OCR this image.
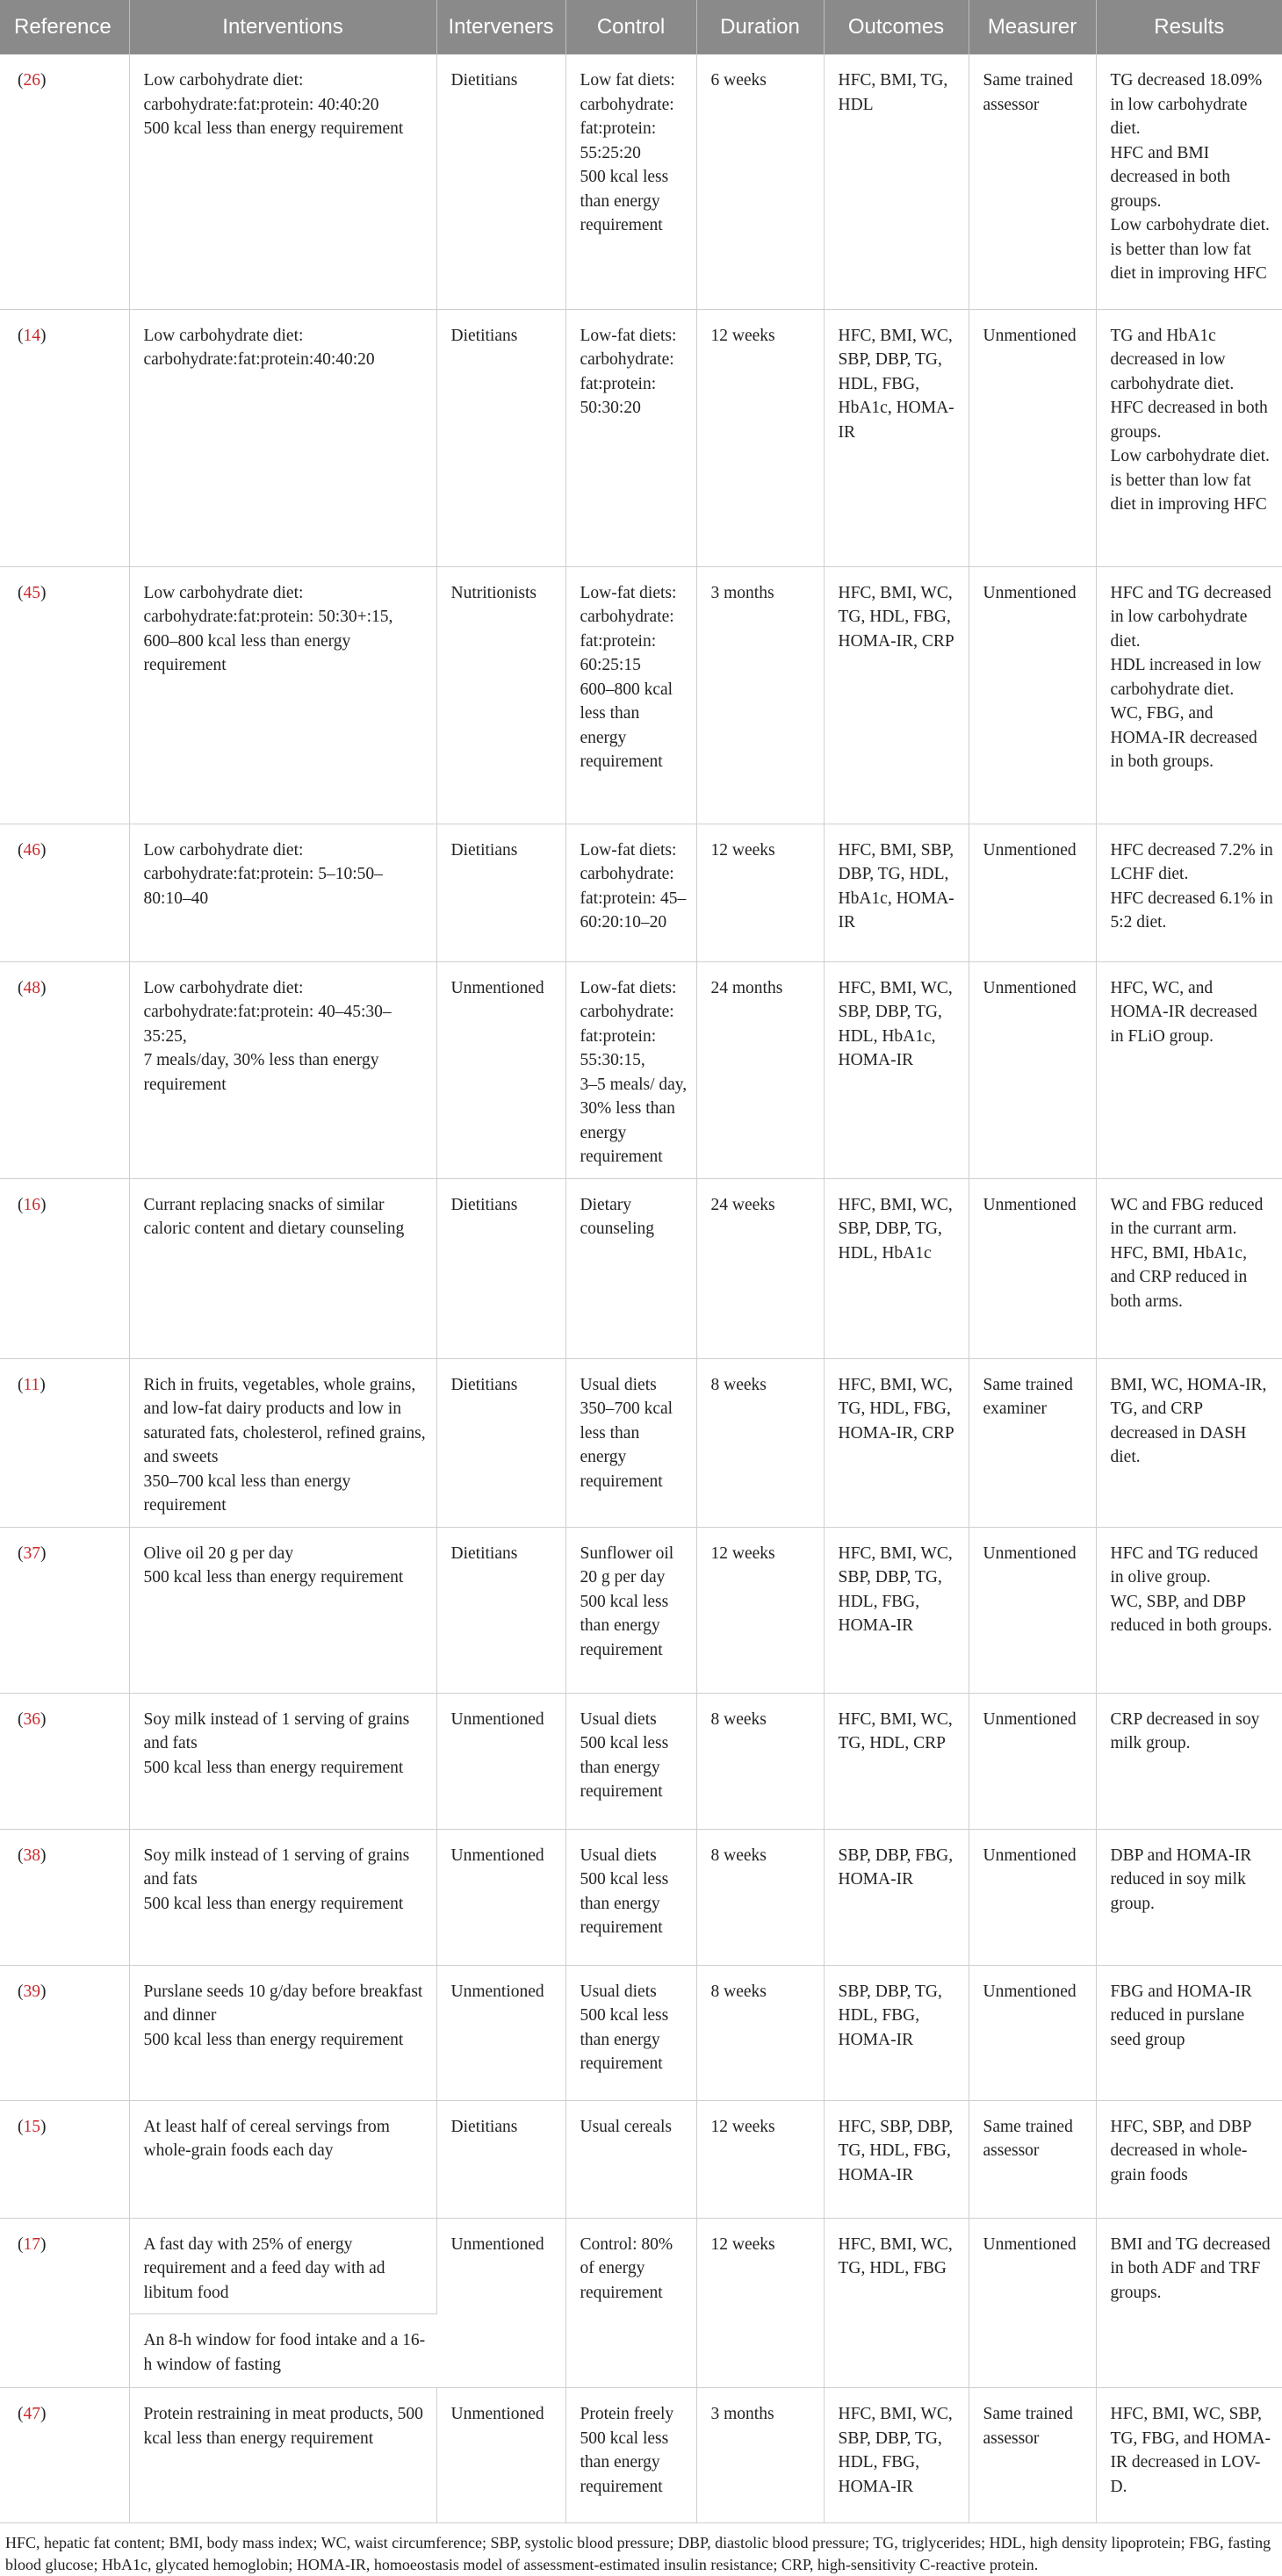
Reference	Interventions	Interveners	Control	Duration	Outcomes	Measurer	Results
(26)	Low carbohydrate diet: carbohydrate:fat:protein: 40:40:20
500 kcal less than energy requirement	Dietitians	Low fat diets: carbohydrate: fat:protein: 55:25:20
500 kcal less than energy requirement	6 weeks	HFC, BMI, TG, HDL	Same trained assessor	TG decreased 18.09% in low carbohydrate diet.
HFC and BMI decreased in both groups.
Low carbohydrate diet. is better than low fat diet in improving HFC

(14)	Low carbohydrate diet: carbohydrate:fat:protein:40:40:20	Dietitians	Low-fat diets: carbohydrate: fat:protein: 50:30:20	12 weeks	HFC, BMI, WC, SBP, DBP, TG, HDL, FBG, HbA1c, HOMA-IR	Unmentioned	TG and HbA1c decreased in low carbohydrate diet.
HFC decreased in both groups.
Low carbohydrate diet. is better than low fat diet in improving HFC

(45)	Low carbohydrate diet: carbohydrate:fat:protein: 50:30+:15, 600–800 kcal less than energy requirement	Nutritionists	Low-fat diets: carbohydrate: fat:protein: 60:25:15
600–800 kcal less than energy requirement	3 months	HFC, BMI, WC, TG, HDL, FBG, HOMA-IR, CRP	Unmentioned	HFC and TG decreased in low carbohydrate diet.
HDL increased in low carbohydrate diet.
WC, FBG, and HOMA-IR decreased in both groups.

(46)	Low carbohydrate diet: carbohydrate:fat:protein: 5–10:50–80:10–40	Dietitians	Low-fat diets: carbohydrate: fat:protein: 45–60:20:10–20	12 weeks	HFC, BMI, SBP, DBP, TG, HDL, HbA1c, HOMA-IR	Unmentioned	HFC decreased 7.2% in LCHF diet.
HFC decreased 6.1% in 5:2 diet.

(48)	Low carbohydrate diet: carbohydrate:fat:protein: 40–45:30–35:25,
7 meals/day, 30% less than energy requirement	Unmentioned	Low-fat diets: carbohydrate: fat:protein: 55:30:15,
3–5 meals/ day, 30% less than energy requirement	24 months	HFC, BMI, WC, SBP, DBP, TG, HDL, HbA1c, HOMA-IR	Unmentioned	HFC, WC, and HOMA-IR decreased in FLiO group.

(16)	Currant replacing snacks of similar caloric content and dietary counseling	Dietitians	Dietary counseling	24 weeks	HFC, BMI, WC, SBP, DBP, TG, HDL, HbA1c	Unmentioned	WC and FBG reduced in the currant arm.
HFC, BMI, HbA1c, and CRP reduced in both arms.

(11)	Rich in fruits, vegetables, whole grains, and low-fat dairy products and low in saturated fats, cholesterol, refined grains, and sweets
350–700 kcal less than energy requirement	Dietitians	Usual diets
350–700 kcal less than energy requirement	8 weeks	HFC, BMI, WC, TG, HDL, FBG, HOMA-IR, CRP	Same trained examiner	BMI, WC, HOMA-IR, TG, and CRP decreased in DASH diet.

(37)	Olive oil 20 g per day
500 kcal less than energy requirement	Dietitians	Sunflower oil 20 g per day
500 kcal less than energy requirement	12 weeks	HFC, BMI, WC, SBP, DBP, TG, HDL, FBG, HOMA-IR	Unmentioned	HFC and TG reduced in olive group.
WC, SBP, and DBP reduced in both groups.

(36)	Soy milk instead of 1 serving of grains and fats
500 kcal less than energy requirement	Unmentioned	Usual diets
500 kcal less than energy requirement	8 weeks	HFC, BMI, WC, TG, HDL, CRP	Unmentioned	CRP decreased in soy milk group.

(38)	Soy milk instead of 1 serving of grains and fats
500 kcal less than energy requirement	Unmentioned	Usual diets
500 kcal less than energy requirement	8 weeks	SBP, DBP, FBG, HOMA-IR	Unmentioned	DBP and HOMA-IR reduced in soy milk group.

(39)	Purslane seeds 10 g/day before breakfast and dinner
500 kcal less than energy requirement	Unmentioned	Usual diets
500 kcal less than energy requirement	8 weeks	SBP, DBP, TG, HDL, FBG, HOMA-IR	Unmentioned	FBG and HOMA-IR reduced in purslane seed group

(15)	At least half of cereal servings from whole-grain foods each day	Dietitians	Usual cereals	12 weeks	HFC, SBP, DBP, TG, HDL, FBG, HOMA-IR	Same trained assessor	HFC, SBP, and DBP decreased in whole-grain foods

(17)	A fast day with 25% of energy requirement and a feed day with ad libitum food	Unmentioned	Control: 80% of energy requirement	12 weeks	HFC, BMI, WC, TG, HDL, FBG	Unmentioned	BMI and TG decreased in both ADF and TRF groups.

	An 8-h window for food intake and a 16-h window of fasting						

(47)	Protein restraining in meat products, 500 kcal less than energy requirement	Unmentioned	Protein freely
500 kcal less than energy requirement	3 months	HFC, BMI, WC, SBP, DBP, TG, HDL, FBG, HOMA-IR	Same trained assessor	HFC, BMI, WC, SBP, TG, FBG, and HOMA-IR decreased in LOV-D.
HFC, hepatic fat content; BMI, body mass index; WC, waist circumference; SBP, systolic blood pressure; DBP, diastolic blood pressure; TG, triglycerides; HDL, high density lipoprotein; FBG, fasting blood glucose; HbA1c, glycated hemoglobin; HOMA-IR, homoeostasis model of assessment-estimated insulin resistance; CRP, high-sensitivity C-reactive protein.
